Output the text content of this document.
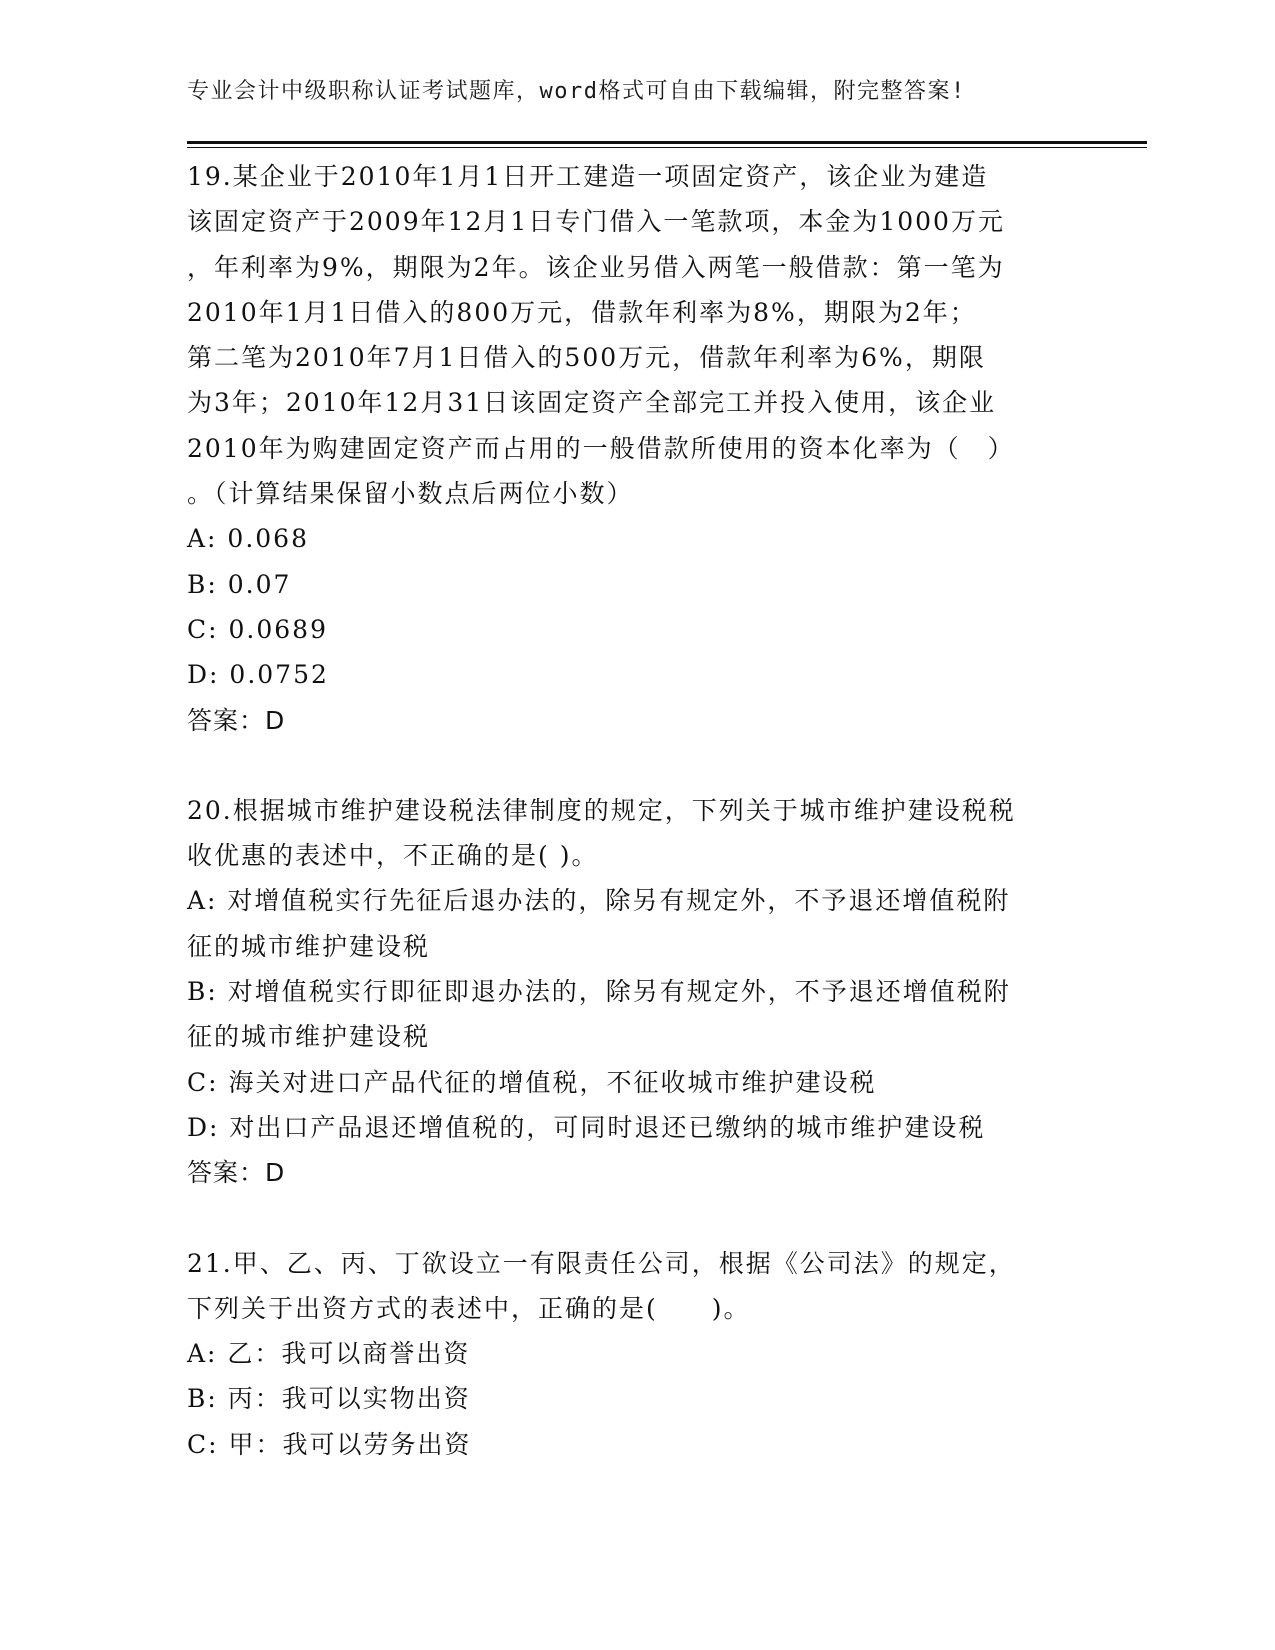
专业会计中级职称认证考试题库，word格式可自由下载编辑，附完整答案!
19.某企业于2010年1月1日开工建造一项固定资产，该企业为建造
该固定资产于2009年12月1日专门借入一笔款项，本金为1000万元
，年利率为9%，期限为2年。该企业另借入两笔一般借款：第一笔为
2010年1月1日借入的800万元，借款年利率为8%，期限为2年；
第二笔为2010年7月1日借入的500万元，借款年利率为6%，期限
为3年；2010年12月31日该固定资产全部完工并投入使用，该企业
2010年为购建固定资产而占用的一般借款所使用的资本化率为（　）
。（计算结果保留小数点后两位小数）
A: 0.068
B: 0.07
C: 0.0689
D: 0.0752
答案：D
20.根据城市维护建设税法律制度的规定，下列关于城市维护建设税税
收优惠的表述中，不正确的是( )。
A: 对增值税实行先征后退办法的，除另有规定外，不予退还增值税附
征的城市维护建设税
B: 对增值税实行即征即退办法的，除另有规定外，不予退还增值税附
征的城市维护建设税
C: 海关对进口产品代征的增值税，不征收城市维护建设税
D: 对出口产品退还增值税的，可同时退还已缴纳的城市维护建设税
答案：D
21.甲、乙、丙、丁欲设立一有限责任公司，根据《公司法》的规定，
下列关于出资方式的表述中，正确的是(　　)。
A: 乙：我可以商誉出资
B: 丙：我可以实物出资
C: 甲：我可以劳务出资
